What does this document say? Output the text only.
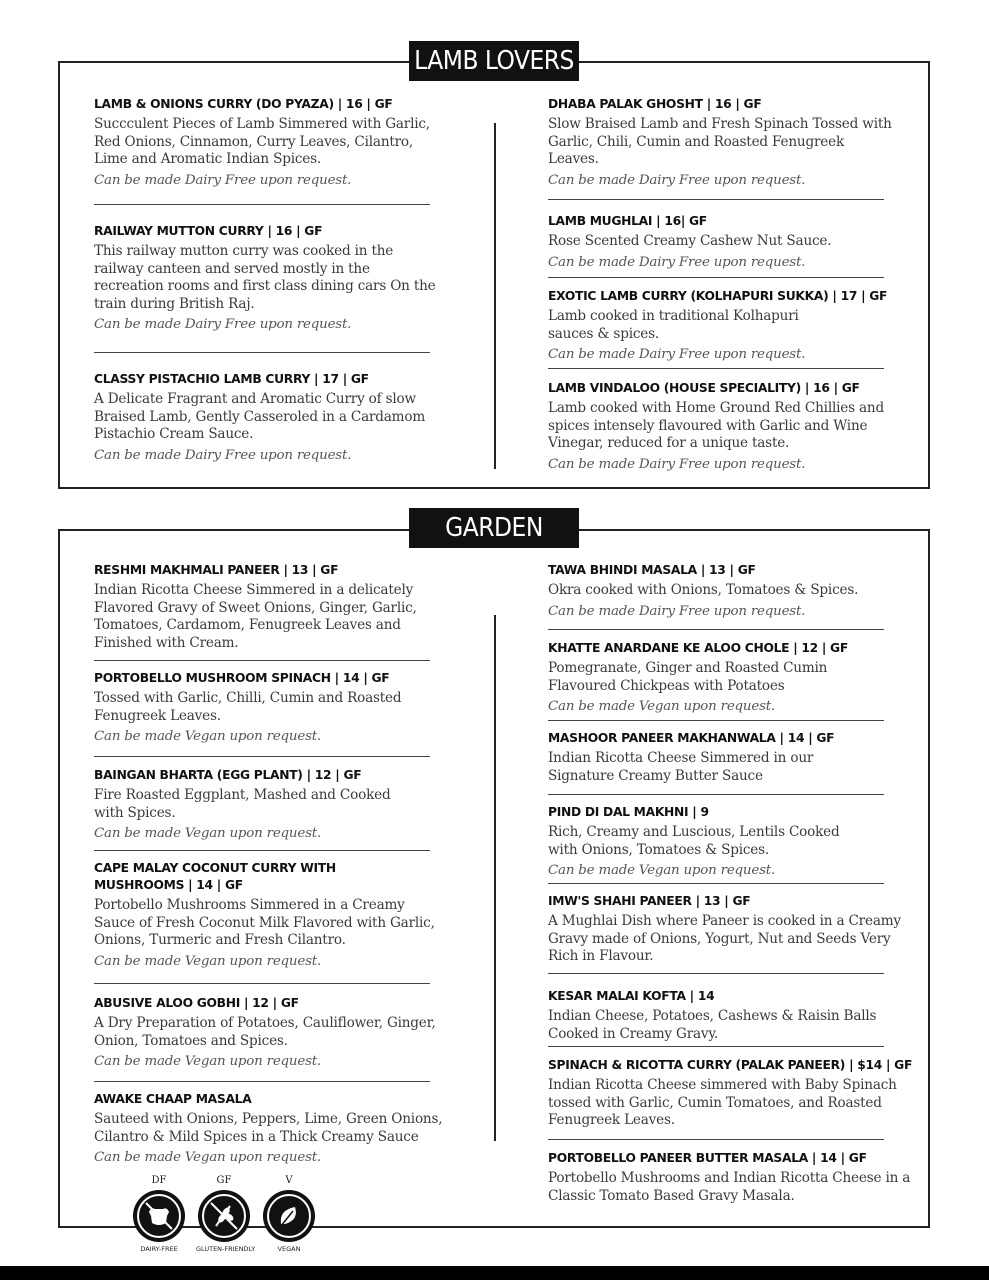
LAMB LOVERS
LAMB & ONIONS CURRY (DO PYAZA) | 16 | GF
Succculent Pieces of Lamb Simmered with Garlic, Red Onions, Cinnamon, Curry Leaves, Cilantro, Lime and Aromatic Indian Spices.
Can be made Dairy Free upon request.
RAILWAY MUTTON CURRY | 16 | GF
This railway mutton curry was cooked in the railway canteen and served mostly in the recreation rooms and first class dining cars On the train during British Raj.
Can be made Dairy Free upon request.
CLASSY PISTACHIO LAMB CURRY | 17 | GF
A Delicate Fragrant and Aromatic Curry of slow Braised Lamb, Gently Casseroled in a Cardamom Pistachio Cream Sauce.
Can be made Dairy Free upon request.
DHABA PALAK GHOSHT | 16 | GF
Slow Braised Lamb and Fresh Spinach Tossed with Garlic, Chili, Cumin and Roasted Fenugreek Leaves.
Can be made Dairy Free upon request.
LAMB MUGHLAI | 16| GF
Rose Scented Creamy Cashew Nut Sauce.
Can be made Dairy Free upon request.
EXOTIC LAMB CURRY (KOLHAPURI SUKKA) | 17 | GF
Lamb cooked in traditional Kolhapuri sauces & spices.
Can be made Dairy Free upon request.
LAMB VINDALOO (HOUSE SPECIALITY) | 16 | GF
Lamb cooked with Home Ground Red Chillies and spices intensely flavoured with Garlic and Wine Vinegar, reduced for a unique taste.
Can be made Dairy Free upon request.
GARDEN PRODUCE
RESHMI MAKHMALI PANEER | 13 | GF
Indian Ricotta Cheese Simmered in a delicately Flavored Gravy of Sweet Onions, Ginger, Garlic, Tomatoes, Cardamom, Fenugreek Leaves and Finished with Cream.
PORTOBELLO MUSHROOM SPINACH | 14 | GF
Tossed with Garlic, Chilli, Cumin and Roasted Fenugreek Leaves.
Can be made Vegan upon request.
BAINGAN BHARTA (EGG PLANT) | 12 | GF
Fire Roasted Eggplant, Mashed and Cooked with Spices.
Can be made Vegan upon request.
CAPE MALAY COCONUT CURRY WITH MUSHROOMS | 14 | GF
Portobello Mushrooms Simmered in a Creamy Sauce of Fresh Coconut Milk Flavored with Garlic, Onions, Turmeric and Fresh Cilantro.
Can be made Vegan upon request.
ABUSIVE ALOO GOBHI | 12 | GF
A Dry Preparation of Potatoes, Cauliflower, Ginger, Onion, Tomatoes and Spices.
Can be made Vegan upon request.
AWAKE CHAAP MASALA
Sauteed with Onions, Peppers, Lime, Green Onions, Cilantro & Mild Spices in a Thick Creamy Sauce
Can be made Vegan upon request.
TAWA BHINDI MASALA | 13 | GF
Okra cooked with Onions, Tomatoes & Spices.
Can be made Dairy Free upon request.
KHATTE ANARDANE KE ALOO CHOLE | 12 | GF
Pomegranate, Ginger and Roasted Cumin Flavoured Chickpeas with Potatoes
Can be made Vegan upon request.
MASHOOR PANEER MAKHANWALA | 14 | GF
Indian Ricotta Cheese Simmered in our Signature Creamy Butter Sauce
PIND DI DAL MAKHNI | 9
Rich, Creamy and Luscious, Lentils Cooked with Onions, Tomatoes & Spices.
Can be made Vegan upon request.
IMW'S SHAHI PANEER | 13 | GF
A Mughlai Dish where Paneer is cooked in a Creamy Gravy made of Onions, Yogurt, Nut and Seeds Very Rich in Flavour.
KESAR MALAI KOFTA | 14
Indian Cheese, Potatoes, Cashews & Raisin Balls Cooked in Creamy Gravy.
SPINACH & RICOTTA CURRY (PALAK PANEER) | $14 | GF
Indian Ricotta Cheese simmered with Baby Spinach tossed with Garlic, Cumin Tomatoes, and Roasted Fenugreek Leaves.
PORTOBELLO PANEER BUTTER MASALA | 14 | GF
Portobello Mushrooms and Indian Ricotta Cheese in a Classic Tomato Based Gravy Masala.
DF
DAIRY-FREE
GF
GLUTEN-FRIENDLY
V
VEGAN
